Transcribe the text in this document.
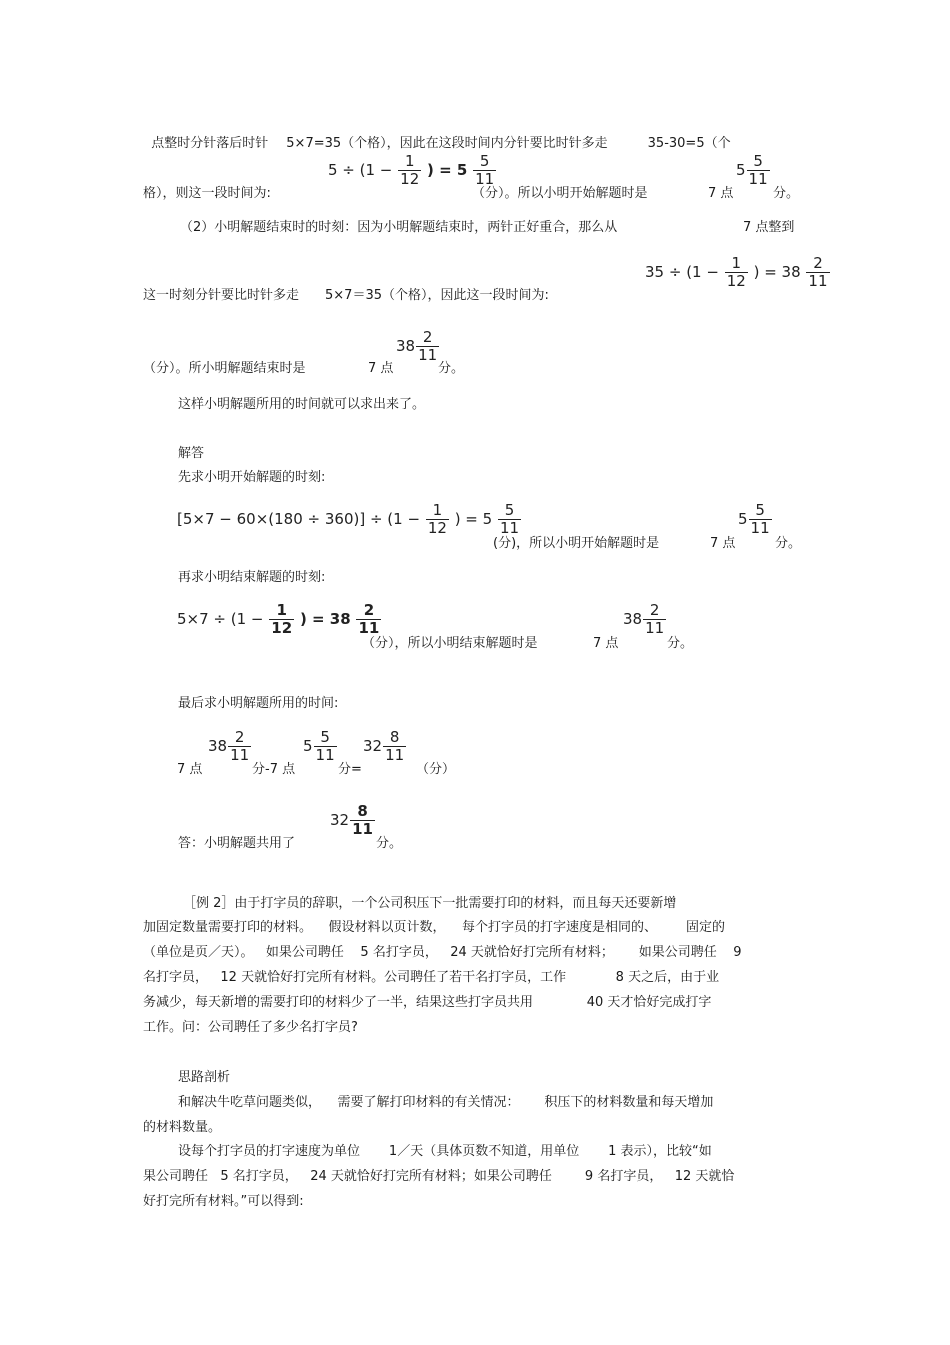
点整时分针落后时针 5×7=35（个格），因此在这段时间内分针要比时针多走	35-30=5（个

$5 \div (1 - \frac{1}{12}$ ) = $5 \frac{5}{11}$
格），则这一段时间为:	（分）。所以小明开始解题时是	7 点
$5 \frac{5}{11}$
分。
（2）小明解题结束时的时刻：因为小明解题结束时，两针正好重合，那么从	7 点整到
$35 \div (1 - \frac{1}{12}$ ) = $38 \frac{2}{11}$
这一时刻分针要比时针多走 5×7＝35（个格），因此这一段时间为:
（分）。所小明解题结束时是	7 点
$38 \frac{2}{11}$
分。
这样小明解题所用的时间就可以求出来了。
解答
先求小明开始解题的时刻:
$[5\times 7 - 60\times(180 \div 360)] \div (1 - \frac{1}{12}$ ) = $5 \frac{5}{11}$
(分)，所以小明开始解题时是	7 点
$5 \frac{5}{11}$
分。
再求小明结束解题的时刻:
$5\times 7 \div (1 - \frac{1}{12}$ ) = $38 \frac{2}{11}$
（分），所以小明结束解题时是	7 点
$38 \frac{2}{11}$
分。
最后求小明解题所用的时间:
7 点
$38 \frac{2}{11}$
分-7 点
$5 \frac{5}{11}$
分=
$32 \frac{8}{11}$
（分）
答：小明解题共用了
$32 \frac{8}{11}$
分。
［例 2］由于打字员的辞职，一个公司积压下一批需要打印的材料，而且每天还要新增
加固定数量需要打印的材料。    假设材料以页计数，    每个打字员的打字速度是相同的、       固定的
（单位是页／天）。   如果公司聘任    5 名打字员，   24 天就恰好打完所有材料；      如果公司聘任    9
名打字员，   12 天就恰好打完所有材料。公司聘任了若干名打字员，工作            8 天之后，由于业
务减少，每天新增的需要打印的材料少了一半，结果这些打字员共用             40 天才恰好完成打字
工作。问：公司聘任了多少名打字员?
思路剖析
和解决牛吃草问题类似，    需要了解打印材料的有关情况：      积压下的材料数量和每天增加
的材料数量。
设每个打字员的打字速度为单位       1／天（具体页数不知道，用单位       1 表示），比较“如
果公司聘任   5 名打字员，   24 天就恰好打完所有材料；如果公司聘任        9 名打字员，   12 天就恰
好打完所有材料。”可以得到:
